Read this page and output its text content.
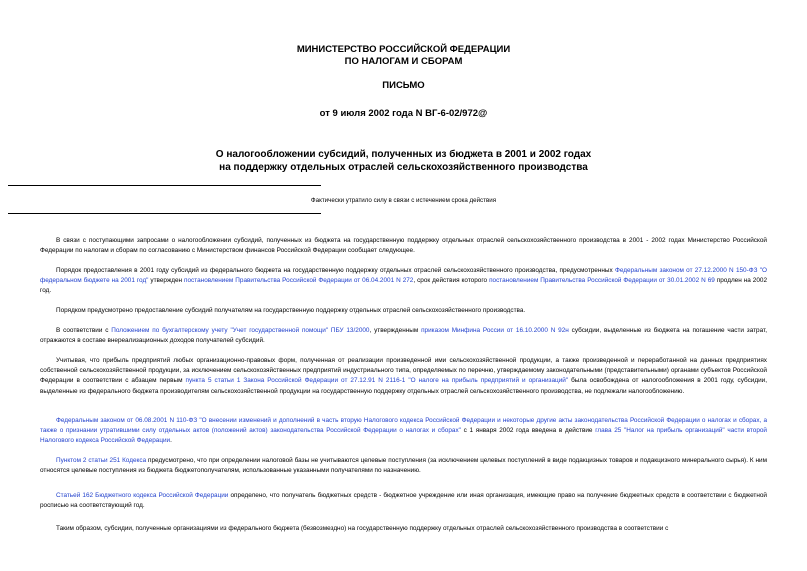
МИНИСТЕРСТВО РОССИЙСКОЙ ФЕДЕРАЦИИ
ПО НАЛОГАМ И СБОРАМ
ПИСЬМО
от 9 июля 2002 года N ВГ-6-02/972@
О налогообложении субсидий, полученных из бюджета в 2001 и 2002 годах
на поддержку отдельных отраслей сельскохозяйственного производства
Фактически утратило силу в связи с истечением срока действия

В связи с поступающими запросами о налогообложении субсидий, полученных из бюджета на государственную поддержку отдельных отраслей сельскохозяйственного производства в 2001 - 2002 годах Министерство Российской Федерации по налогам и сборам по согласованию с Министерством финансов Российской Федерации сообщает следующее.

Порядок предоставления в 2001 году субсидий из федерального бюджета на государственную поддержку отдельных отраслей сельскохозяйственного производства, предусмотренных Федеральным законом от 27.12.2000 N 150-ФЗ "О федеральном бюджете на 2001 год" утвержден постановлением Правительства Российской Федерации от 06.04.2001 N 272, срок действия которого постановлением Правительства Российской Федерации от 30.01.2002 N 69 продлен на 2002 год.

Порядком предусмотрено предоставление субсидий получателям на государственную поддержку отдельных отраслей сельскохозяйственного производства.

В соответствии с Положением по бухгалтерскому учету "Учет государственной помощи" ПБУ 13/2000, утвержденным приказом Минфина России от 16.10.2000 N 92н субсидии, выделенные из бюджета на погашение части затрат, отражаются в составе внереализационных доходов получателей субсидий.

Учитывая, что прибыль предприятий любых организационно-правовых форм, полученная от реализации произведенной ими сельскохозяйственной продукции, а также произведенной и переработанной на данных предприятиях собственной сельскохозяйственной продукции, за исключением сельскохозяйственных предприятий индустриального типа, определяемых по перечню, утверждаемому законодательными (представительными) органами субъектов Российской Федерации в соответствии с абзацем первым пункта 5 статьи 1 Закона Российской Федерации от 27.12.91 N 2116-1 "О налоге на прибыль предприятий и организаций" была освобождена от налогообложения в 2001 году, субсидии, выделенные из федерального бюджета производителям сельскохозяйственной продукции на государственную поддержку отдельных отраслей сельскохозяйственного производства, не подлежали налогообложению.

Федеральным законом от 06.08.2001 N 110-ФЗ "О внесении изменений и дополнений в часть вторую Налогового кодекса Российской Федерации и некоторые другие акты законодательства Российской Федерации о налогах и сборах, а также о признании утратившими силу отдельных актов (положений актов) законодательства Российской Федерации о налогах и сборах" с 1 января 2002 года введена в действие глава 25 "Налог на прибыль организаций" части второй Налогового кодекса Российской Федерации.

Пунктом 2 статьи 251 Кодекса предусмотрено, что при определении налоговой базы не учитываются целевые поступления (за исключением целевых поступлений в виде подакцизных товаров и подакцизного минерального сырья). К ним относятся целевые поступления из бюджета бюджетополучателям, использованные указанными получателями по назначению.

Статьей 162 Бюджетного кодекса Российской Федерации определено, что получатель бюджетных средств - бюджетное учреждение или иная организация, имеющие право на получение бюджетных средств в соответствии с бюджетной росписью на соответствующий год.

Таким образом, субсидии, полученные организациями из федерального бюджета (безвозмездно) на государственную поддержку отдельных отраслей сельскохозяйственного производства в соответствии с
